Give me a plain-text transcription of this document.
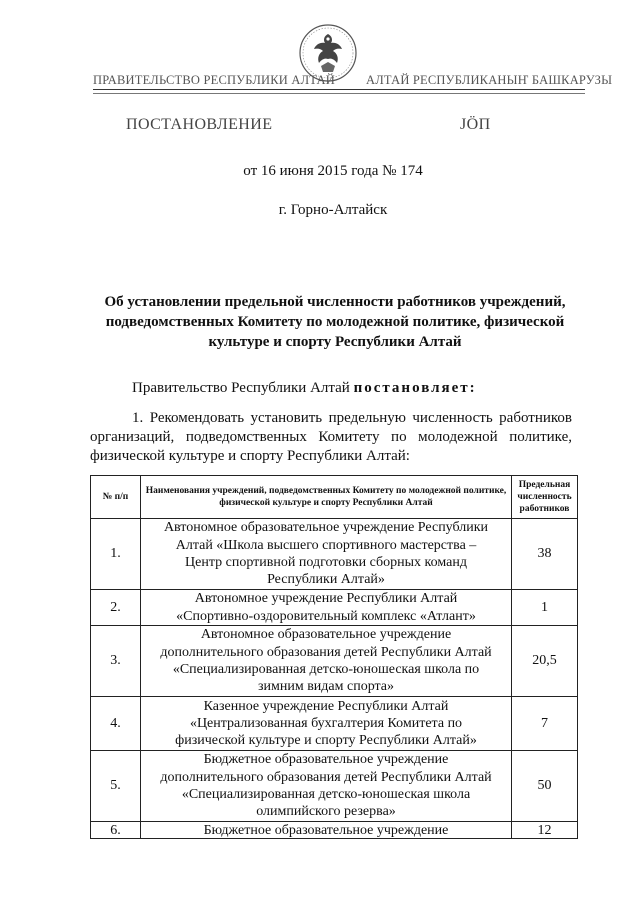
ПРАВИТЕЛЬСТВО РЕСПУБЛИКИ АЛТАЙ АЛТАЙ РЕСПУБЛИКАНЫҤ БАШКАРУЗЫ
ПОСТАНОВЛЕНИЕ	JӦП
от 16 июня 2015 года № 174
г. Горно-Алтайск
Об установлении предельной численности работников учреждений,
подведомственных Комитету по молодежной политике, физической
культуре и спорту Республики Алтай
Правительство Республики Алтай постановляет:
1. Рекомендовать установить предельную численность работников организаций, подведомственных Комитету по молодежной политике, физической культуре и спорту Республики Алтай:
№ п/п	Наименования учреждений, подведомственных Комитету по молодежной политике, физической культуре и спорту Республики Алтай	Предельная численность работников
1.	Автономное образовательное учреждение Республики
Алтай «Школа высшего спортивного мастерства –
Центр спортивной подготовки сборных команд
Республики Алтай»	38
2.	Автономное учреждение Республики Алтай
«Спортивно-оздоровительный комплекс «Атлант»	1
3.	Автономное образовательное учреждение
дополнительного образования детей Республики Алтай
«Специализированная детско-юношеская школа по
зимним видам спорта»	20,5
4.	Казенное учреждение Республики Алтай
«Централизованная бухгалтерия Комитета по
физической культуре и спорту Республики Алтай»	7
5.	Бюджетное образовательное учреждение
дополнительного образования детей Республики Алтай
«Специализированная детско-юношеская школа
олимпийского резерва»	50
6.	Бюджетное образовательное учреждение	12
